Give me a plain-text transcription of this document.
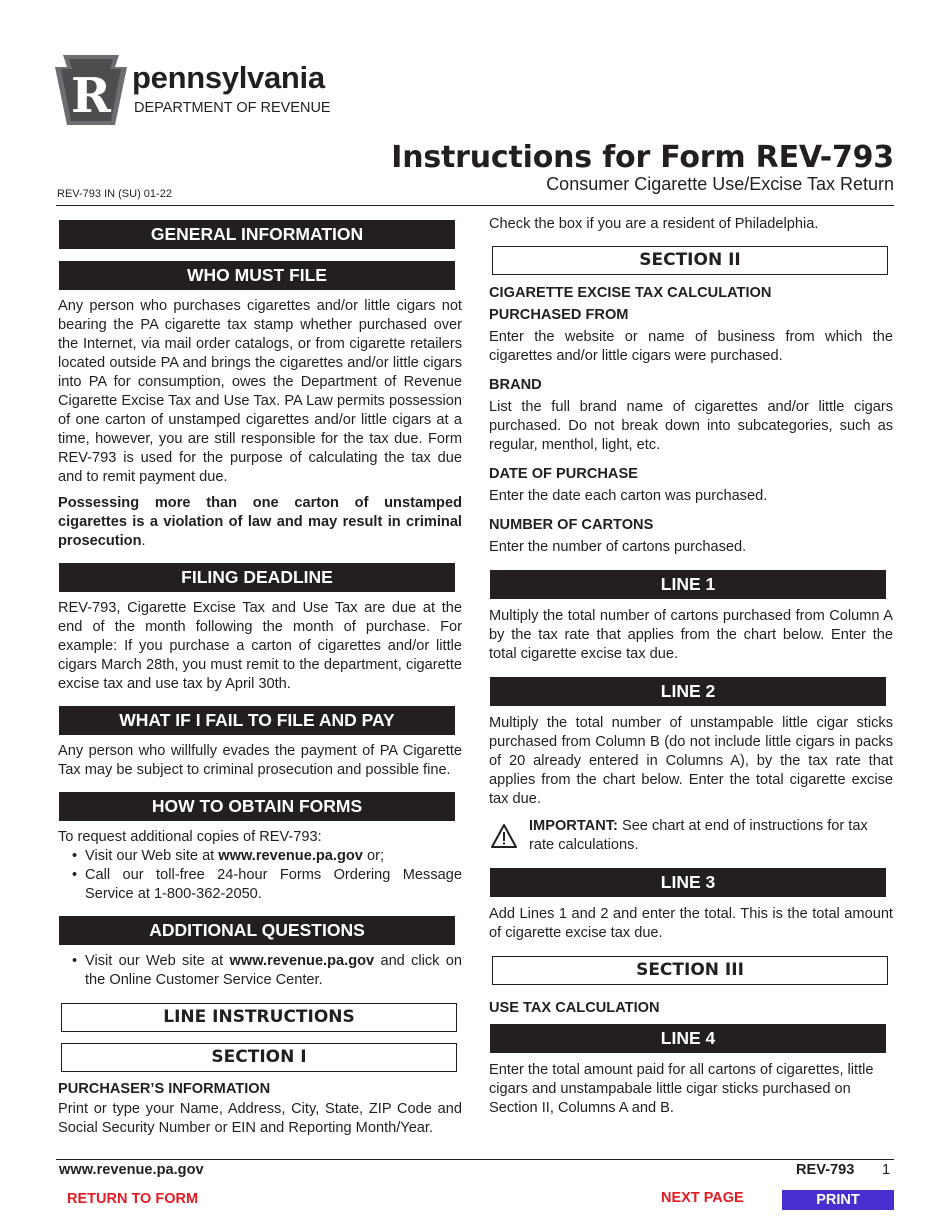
R pennsylvania
DEPARTMENT OF REVENUE
Instructions for Form REV-793
Consumer Cigarette Use/Excise Tax Return
REV-793 IN (SU) 01-22
GENERAL INFORMATION
WHO MUST FILE

Any person who purchases cigarettes and/or little cigars not bearing the PA cigarette tax stamp whether purchased over the Internet, via mail order catalogs, or from cigarette retailers located outside PA and brings the cigarettes and/or little cigars into PA for consumption, owes the Department of Revenue Cigarette Excise Tax and Use Tax. PA Law permits possession of one carton of unstamped cigarettes and/or little cigars at a time, however, you are still responsible for the tax due. Form REV-793 is used for the purpose of calculating the tax due and to remit payment due.

Possessing more than one carton of unstamped cigarettes is a violation of law and may result in criminal prosecution.

FILING DEADLINE

REV-793, Cigarette Excise Tax and Use Tax are due at the end of the month following the month of purchase. For example: If you purchase a carton of cigarettes and/or little cigars March 28th, you must remit to the department, cigarette excise tax and use tax by April 30th.

WHAT IF I FAIL TO FILE AND PAY

Any person who willfully evades the payment of PA Cigarette Tax may be subject to criminal prosecution and possible fine.

HOW TO OBTAIN FORMS

To request additional copies of REV-793:

• Visit our Web site at www.revenue.pa.gov or;
• Call our toll-free 24-hour Forms Ordering Message Service at 1-800-362-2050.
ADDITIONAL QUESTIONS
• Visit our Web site at www.revenue.pa.gov and click on the Online Customer Service Center.
LINE INSTRUCTIONS
SECTION I
PURCHASER’S INFORMATION

Print or type your Name, Address, City, State, ZIP Code and Social Security Number or EIN and Reporting Month/Year.

Check the box if you are a resident of Philadelphia.

SECTION II
CIGARETTE EXCISE TAX CALCULATION
PURCHASED FROM

Enter the website or name of business from which the cigarettes and/or little cigars were purchased.

BRAND

List the full brand name of cigarettes and/or little cigars purchased. Do not break down into subcategories, such as regular, menthol, light, etc.

DATE OF PURCHASE

Enter the date each carton was purchased.

NUMBER OF CARTONS

Enter the number of cartons purchased.

LINE 1

Multiply the total number of cartons purchased from Column A by the tax rate that applies from the chart below. Enter the total cigarette excise tax due.

LINE 2

Multiply the total number of unstampable little cigar sticks purchased from Column B (do not include little cigars in packs of 20 already entered in Columns A), by the tax rate that applies from the chart below. Enter the total cigarette excise tax due.

IMPORTANT: See chart at end of instructions for tax rate calculations.

LINE 3

Add Lines 1 and 2 and enter the total. This is the total amount of cigarette excise tax due.

SECTION III
USE TAX CALCULATION
LINE 4

Enter the total amount paid for all cartons of cigarettes, little cigars and unstampabale little cigar sticks purchased on Section II, Columns A and B.

www.revenue.pa.gov	REV-793 1
RETURN TO FORM	NEXT PAGE	PRINT
